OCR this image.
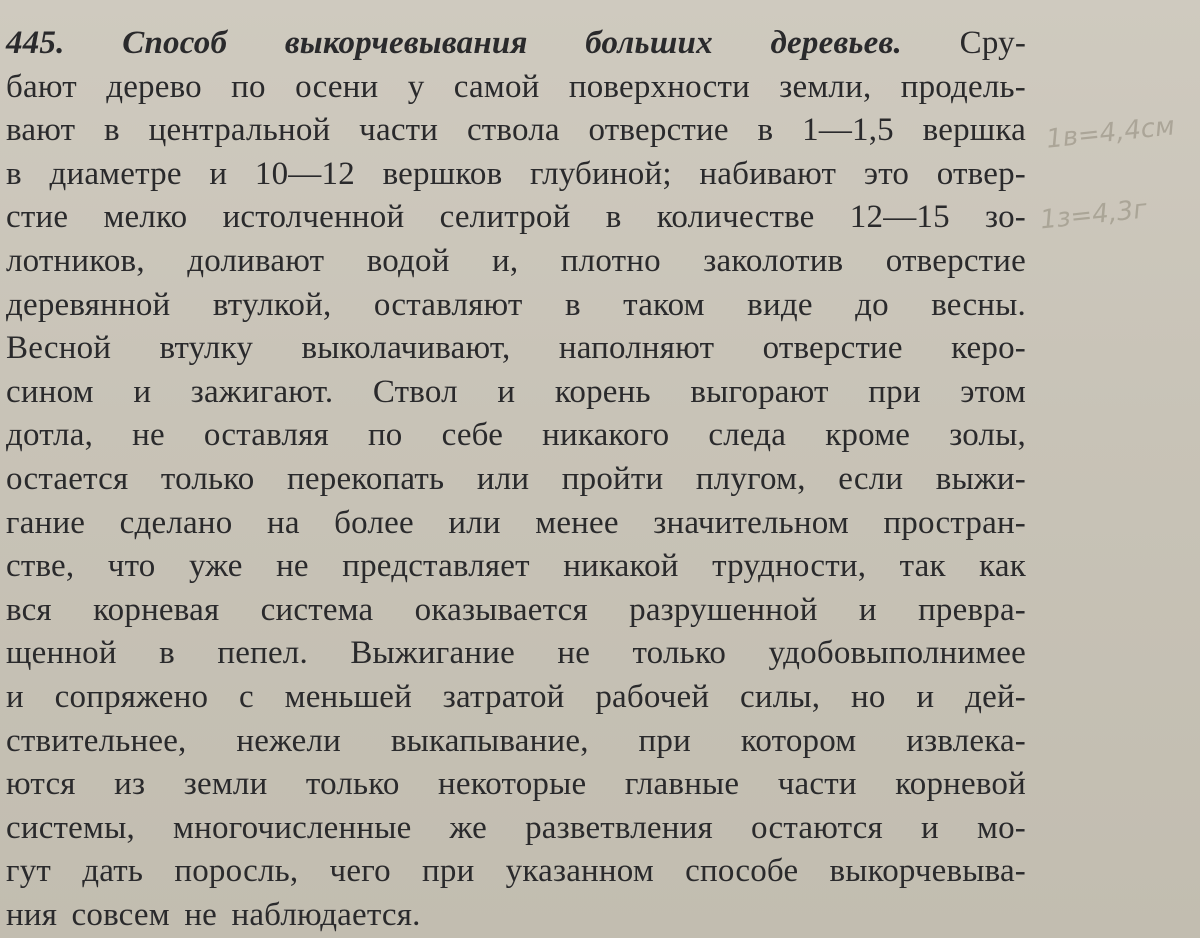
445. Способ выкорчевывания больших деревьев. Сру-
бают дерево по осени у самой поверхности земли, продель-
вают в центральной части ствола отверстие в 1—1,5 вершка
в диаметре и 10—12 вершков глубиной; набивают это отвер-
стие мелко истолченной селитрой в количестве 12—15 зо-
лотников, доливают водой и, плотно заколотив отверстие
деревянной втулкой, оставляют в таком виде до весны.
Весной втулку выколачивают, наполняют отверстие керо-
сином и зажигают. Ствол и корень выгорают при этом
дотла, не оставляя по себе никакого следа кроме золы,
остается только перекопать или пройти плугом, если выжи-
гание сделано на более или менее значительном простран-
стве, что уже не представляет никакой трудности, так как
вся корневая система оказывается разрушенной и превра-
щенной в пепел. Выжигание не только удобовыполнимее
и сопряжено с меньшей затратой рабочей силы, но и дей-
ствительнее, нежели выкапывание, при котором извлека-
ются из земли только некоторые главные части корневой
системы, многочисленные же разветвления остаются и мо-
гут дать поросль, чего при указанном способе выкорчевыва-
ния совсем не наблюдается.
1в=4,4см
1з=4,3г
